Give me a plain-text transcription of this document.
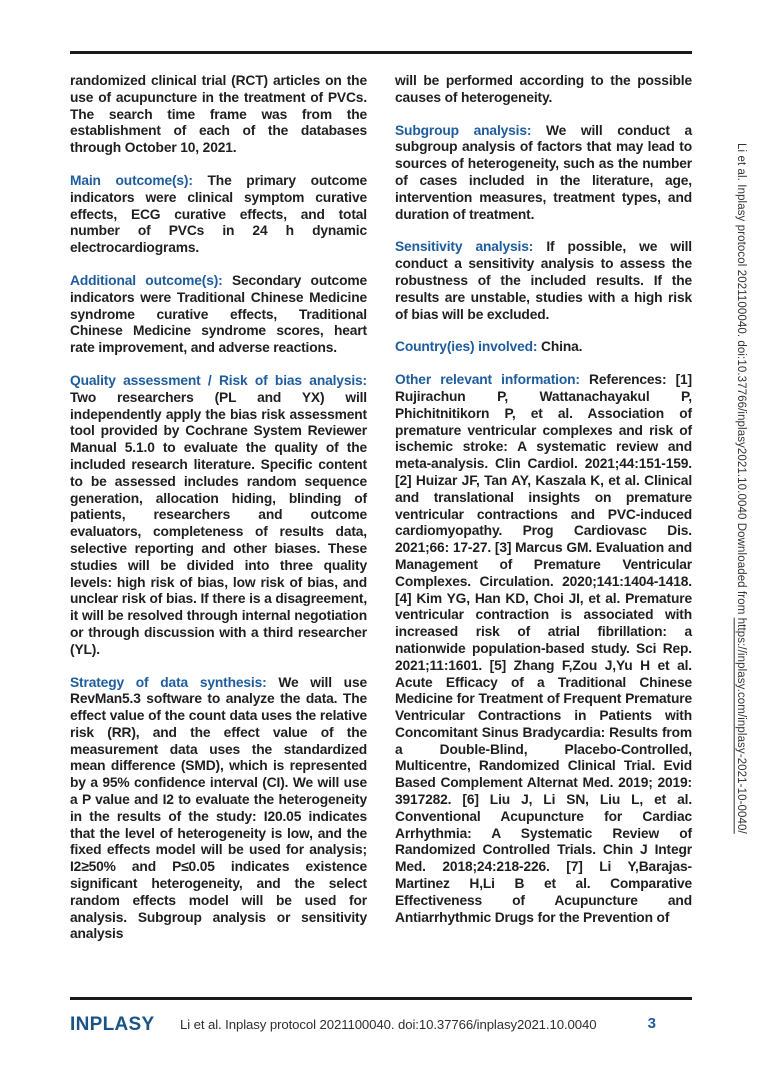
randomized clinical trial (RCT) articles on the use of acupuncture in the treatment of PVCs. The search time frame was from the establishment of each of the databases through October 10, 2021.

Main outcome(s): The primary outcome indicators were clinical symptom curative effects, ECG curative effects, and total number of PVCs in 24 h dynamic electrocardiograms.

Additional outcome(s): Secondary outcome indicators were Traditional Chinese Medicine syndrome curative effects, Traditional Chinese Medicine syndrome scores, heart rate improvement, and adverse reactions.

Quality assessment / Risk of bias analysis: Two researchers (PL and YX) will independently apply the bias risk assessment tool provided by Cochrane System Reviewer Manual 5.1.0 to evaluate the quality of the included research literature. Specific content to be assessed includes random sequence generation, allocation hiding, blinding of patients, researchers and outcome evaluators, completeness of results data, selective reporting and other biases. These studies will be divided into three quality levels: high risk of bias, low risk of bias, and unclear risk of bias. If there is a disagreement, it will be resolved through internal negotiation or through discussion with a third researcher (YL).

Strategy of data synthesis: We will use RevMan5.3 software to analyze the data. The effect value of the count data uses the relative risk (RR), and the effect value of the measurement data uses the standardized mean difference (SMD), which is represented by a 95% confidence interval (CI). We will use a P value and I2 to evaluate the heterogeneity in the results of the study: I20.05 indicates that the level of heterogeneity is low, and the fixed effects model will be used for analysis; I2≥50% and P≤0.05 indicates existence significant heterogeneity, and the select random effects model will be used for analysis. Subgroup analysis or sensitivity analysis

will be performed according to the possible causes of heterogeneity.

Subgroup analysis: We will conduct a subgroup analysis of factors that may lead to sources of heterogeneity, such as the number of cases included in the literature, age, intervention measures, treatment types, and duration of treatment.

Sensitivity analysis: If possible, we will conduct a sensitivity analysis to assess the robustness of the included results. If the results are unstable, studies with a high risk of bias will be excluded.

Country(ies) involved: China.

Other relevant information: References: [1] Rujirachun P, Wattanachayakul P, Phichitnitikorn P, et al. Association of premature ventricular complexes and risk of ischemic stroke: A systematic review and meta-analysis. Clin Cardiol. 2021;44:151-159. [2] Huizar JF, Tan AY, Kaszala K, et al. Clinical and translational insights on premature ventricular contractions and PVC-induced cardiomyopathy. Prog Cardiovasc Dis. 2021;66: 17-27. [3] Marcus GM. Evaluation and Management of Premature Ventricular Complexes. Circulation. 2020;141:1404-1418. [4] Kim YG, Han KD, Choi JI, et al. Premature ventricular contraction is associated with increased risk of atrial fibrillation: a nationwide population-based study. Sci Rep. 2021;11:1601. [5] Zhang F,Zou J,Yu H et al. Acute Efficacy of a Traditional Chinese Medicine for Treatment of Frequent Premature Ventricular Contractions in Patients with Concomitant Sinus Bradycardia: Results from a Double-Blind, Placebo-Controlled, Multicentre, Randomized Clinical Trial. Evid Based Complement Alternat Med. 2019; 2019: 3917282. [6] Liu J, Li SN, Liu L, et al. Conventional Acupuncture for Cardiac Arrhythmia: A Systematic Review of Randomized Controlled Trials. Chin J Integr Med. 2018;24:218-226. [7] Li Y,Barajas-Martinez H,Li B et al. Comparative Effectiveness of Acupuncture and Antiarrhythmic Drugs for the Prevention of

INPLASY Li et al. Inplasy protocol 2021100040. doi:10.37766/inplasy2021.10.0040	3
Li et al. Inplasy protocol 2021100040. doi:10.37766/inplasy2021.10.0040 Downloaded from https://inplasy.com/inplasy-2021-10-0040/
